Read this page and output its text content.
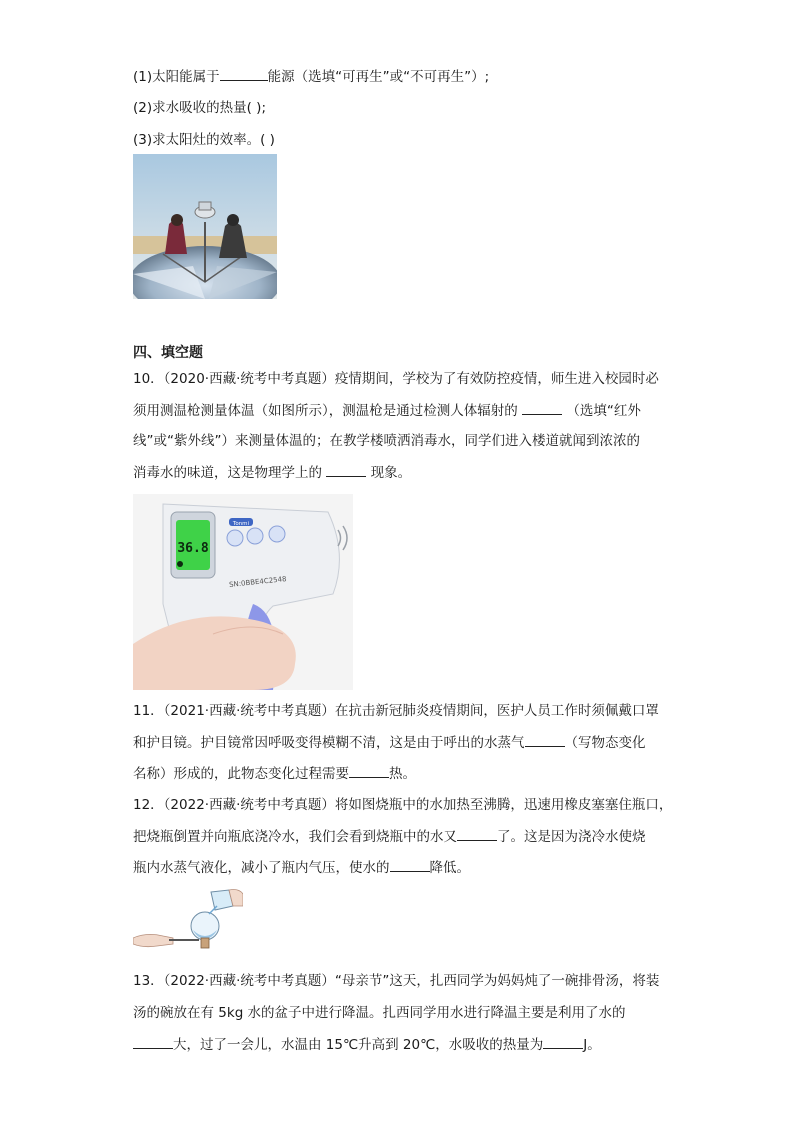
(1)太阳能属于	能源（选填“可再生”或“不可再生”）;
(2)求水吸收的热量( );
(3)求太阳灶的效率。( )
四、填空题
10．（2020·西藏·统考中考真题）疫情期间，学校为了有效防控疫情，师生进入校园时必
须用测温枪测量体温（如图所示），测温枪是通过检测人体辐射的	（选填“红外
线”或“紫外线”）来测量体温的；在教学楼喷洒消毒水，同学们进入楼道就闻到浓浓的
消毒水的味道，这是物理学上的	现象。
36.8
Tonmi
SN:0BBE4C2548
11．（2021·西藏·统考中考真题）在抗击新冠肺炎疫情期间，医护人员工作时须佩戴口罩
和护目镜。护目镜常因呼吸变得模糊不清，这是由于呼出的水蒸气	（写物态变化
名称）形成的，此物态变化过程需要	热。
12．（2022·西藏·统考中考真题）将如图烧瓶中的水加热至沸腾，迅速用橡皮塞塞住瓶口，
把烧瓶倒置并向瓶底浇冷水，我们会看到烧瓶中的水又	了。这是因为浇冷水使烧
瓶内水蒸气液化，减小了瓶内气压，使水的	降低。
13．（2022·西藏·统考中考真题）“母亲节”这天，扎西同学为妈妈炖了一碗排骨汤，将装
汤的碗放在有 5kg 水的盆子中进行降温。扎西同学用水进行降温主要是利用了水的
大，过了一会儿，水温由 15℃升高到 20℃，水吸收的热量为	J。
